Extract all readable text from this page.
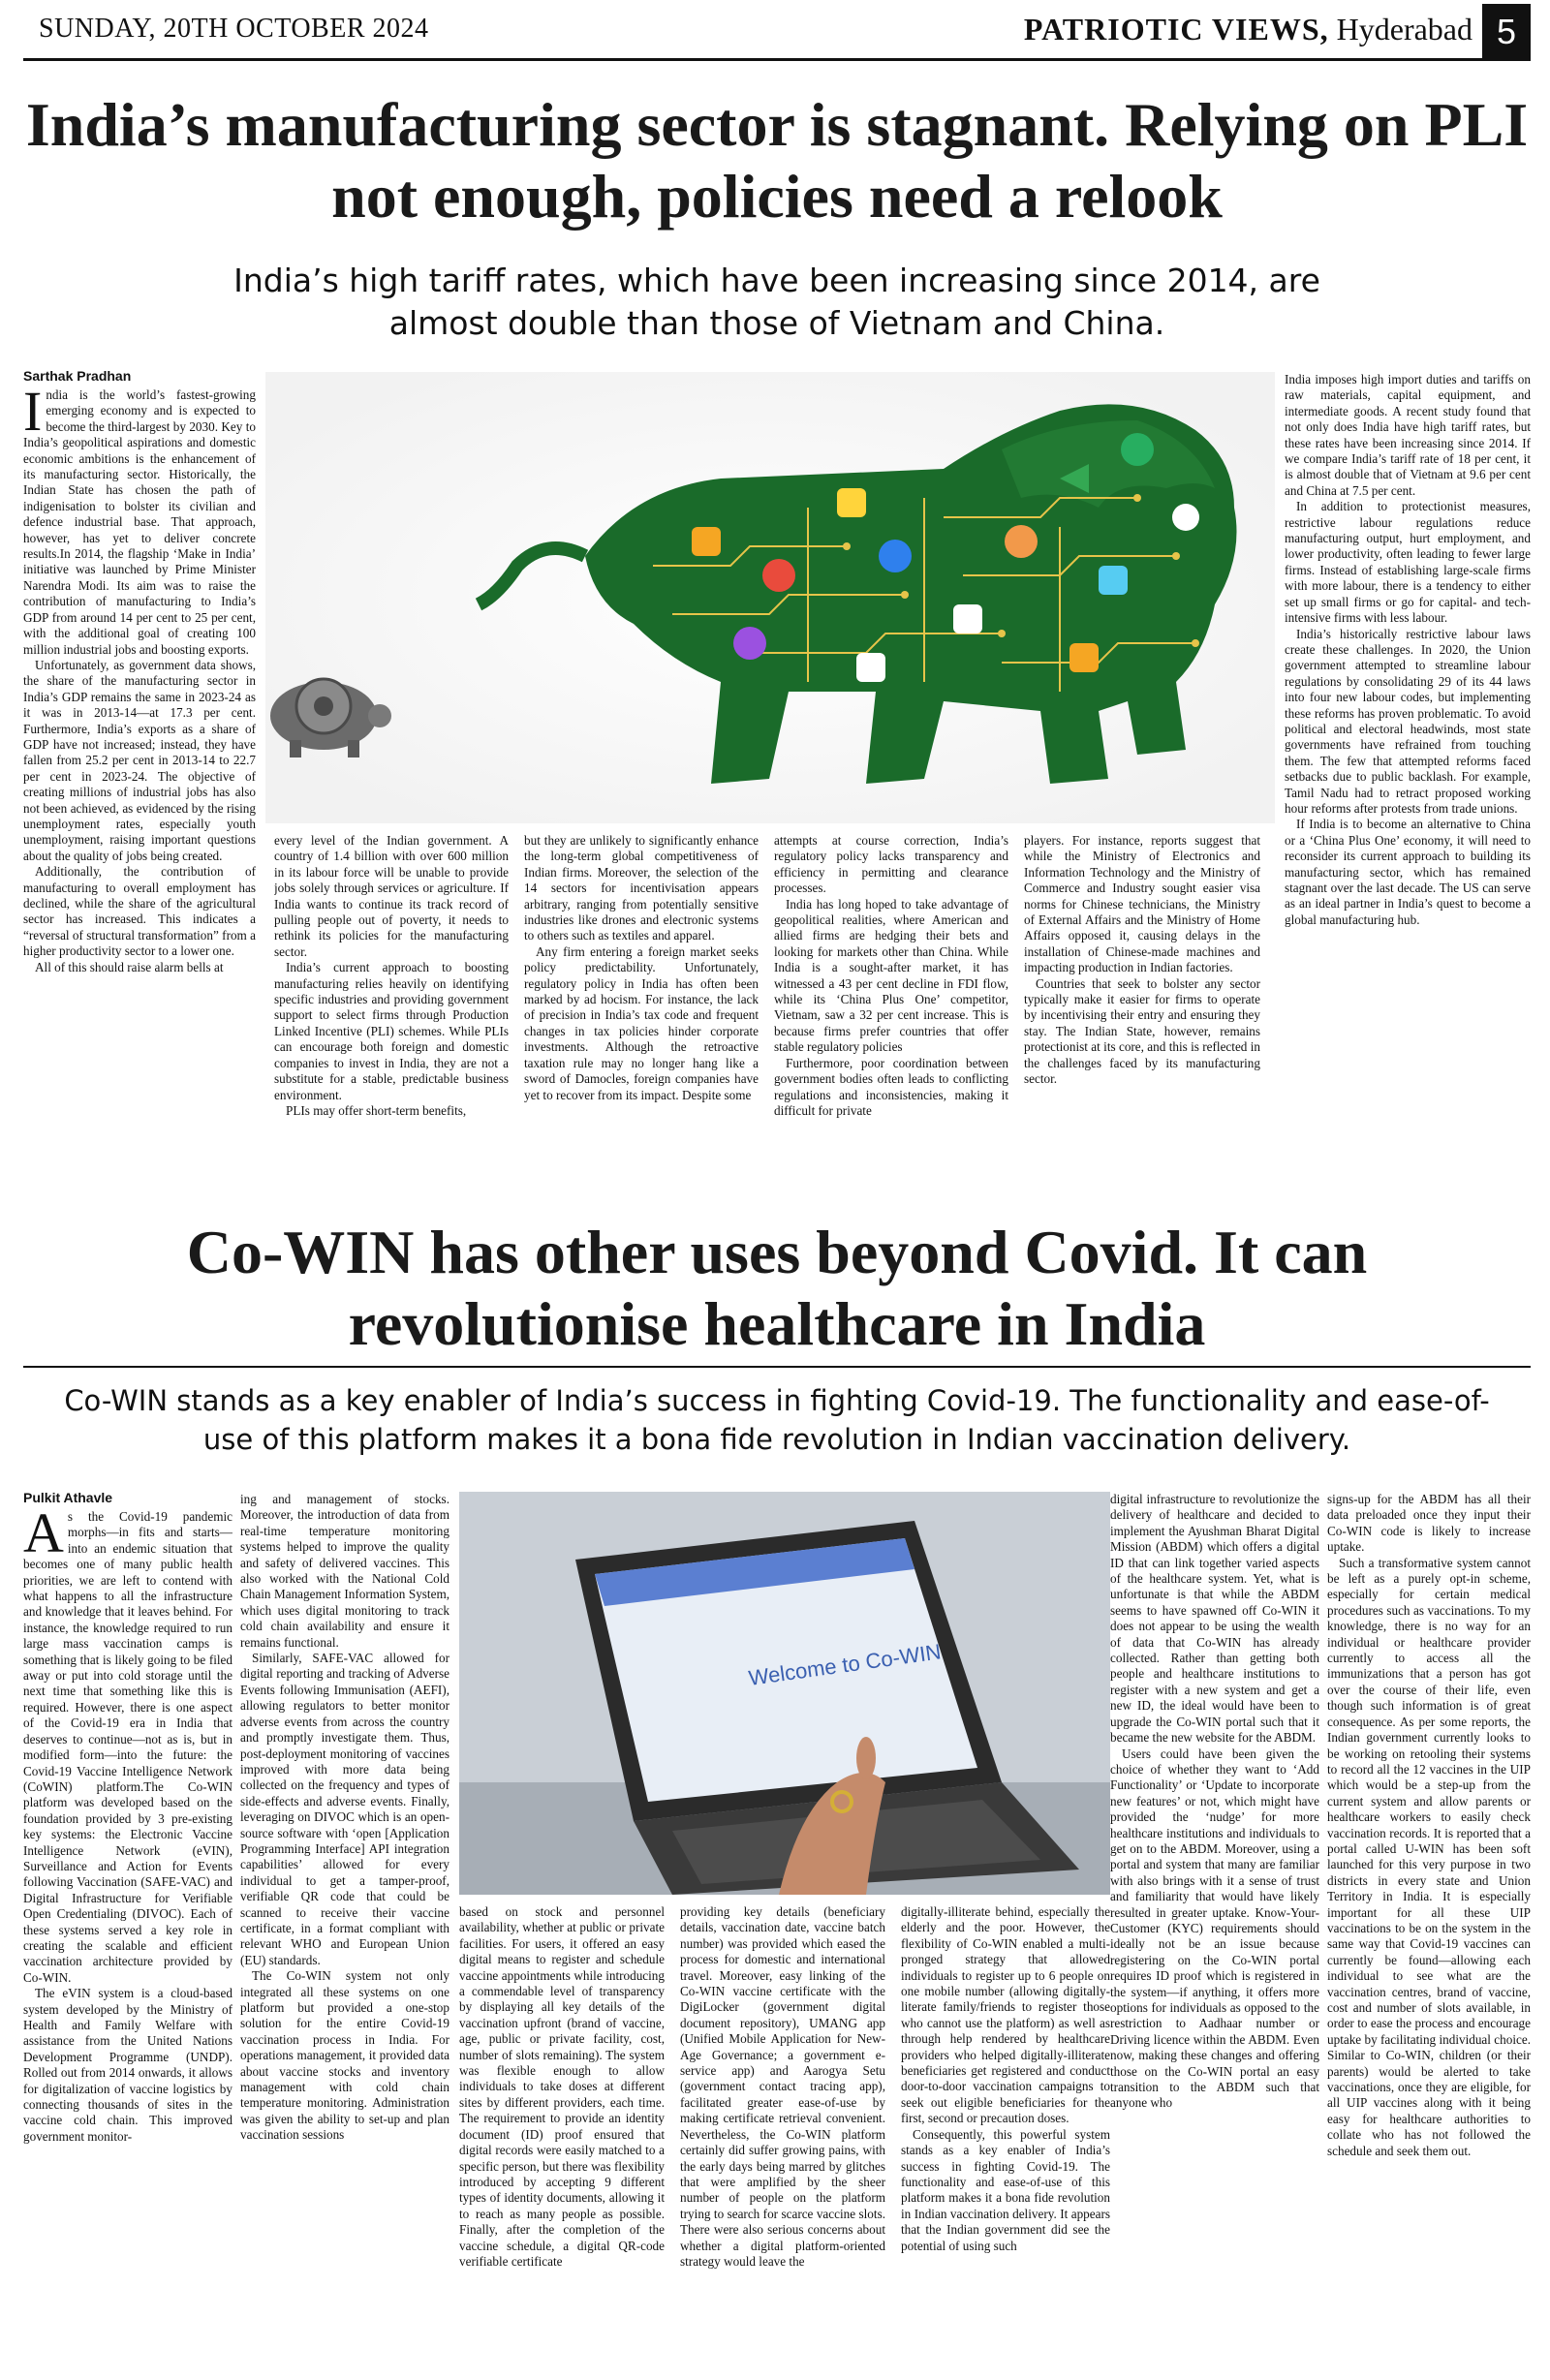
SUNDAY, 20TH OCTOBER 2024	PATRIOTIC VIEWS, Hyderabad 5
India’s manufacturing sector is stagnant. Relying on PLI not enough, policies need a relook
India’s high tariff rates, which have been increasing since 2014, are almost double than those of Vietnam and China.
Sarthak Pradhan

India is the world’s fastest-growing emerging economy and is expected to become the third-largest by 2030. Key to India’s geopolitical aspirations and domestic economic ambitions is the enhancement of its manufacturing sector. Historically, the Indian State has chosen the path of indigenisation to bolster its civilian and defence industrial base. That approach, however, has yet to deliver concrete results.In 2014, the flagship ‘Make in India’ initiative was launched by Prime Minister Narendra Modi. Its aim was to raise the contribution of manufacturing to India’s GDP from around 14 per cent to 25 per cent, with the additional goal of creating 100 million industrial jobs and boosting exports.

Unfortunately, as government data shows, the share of the manufacturing sector in India’s GDP remains the same in 2023-24 as it was in 2013-14—at 17.3 per cent. Furthermore, India’s exports as a share of GDP have not increased; instead, they have fallen from 25.2 per cent in 2013-14 to 22.7 per cent in 2023-24. The objective of creating millions of industrial jobs has also not been achieved, as evidenced by the rising unemployment rates, especially youth unemployment, raising important questions about the quality of jobs being created.

Additionally, the contribution of manufacturing to overall employment has declined, while the share of the agricultural sector has increased. This indicates a “reversal of structural transformation” from a higher productivity sector to a lower one.

All of this should raise alarm bells at

every level of the Indian government. A country of 1.4 billion with over 600 million in its labour force will be unable to provide jobs solely through services or agriculture. If India wants to continue its track record of pulling people out of poverty, it needs to rethink its policies for the manufacturing sector.

India’s current approach to boosting manufacturing relies heavily on identifying specific industries and providing government support to select firms through Production Linked Incentive (PLI) schemes. While PLIs can encourage both foreign and domestic companies to invest in India, they are not a substitute for a stable, predictable business environment.

PLIs may offer short-term benefits,

but they are unlikely to significantly enhance the long-term global competitiveness of Indian firms. Moreover, the selection of the 14 sectors for incentivisation appears arbitrary, ranging from potentially sensitive industries like drones and electronic systems to others such as textiles and apparel.

Any firm entering a foreign market seeks policy predictability. Unfortunately, regulatory policy in India has often been marked by ad hocism. For instance, the lack of precision in India’s tax code and frequent changes in tax policies hinder corporate investments. Although the retroactive taxation rule may no longer hang like a sword of Damocles, foreign companies have yet to recover from its impact. Despite some

attempts at course correction, India’s regulatory policy lacks transparency and efficiency in permitting and clearance processes.

India has long hoped to take advantage of geopolitical realities, where American and allied firms are hedging their bets and looking for markets other than China. While India is a sought-after market, it has witnessed a 43 per cent decline in FDI flow, while its ‘China Plus One’ competitor, Vietnam, saw a 32 per cent increase. This is because firms prefer countries that offer stable regulatory policies

Furthermore, poor coordination between government bodies often leads to conflicting regulations and inconsistencies, making it difficult for private

players. For instance, reports suggest that while the Ministry of Electronics and Information Technology and the Ministry of Commerce and Industry sought easier visa norms for Chinese technicians, the Ministry of External Affairs and the Ministry of Home Affairs opposed it, causing delays in the installation of Chinese-made machines and impacting production in Indian factories.

Countries that seek to bolster any sector typically make it easier for firms to operate by incentivising their entry and ensuring they stay. The Indian State, however, remains protectionist at its core, and this is reflected in the challenges faced by its manufacturing sector.

India imposes high import duties and tariffs on raw materials, capital equipment, and intermediate goods. A recent study found that not only does India have high tariff rates, but these rates have been increasing since 2014. If we compare India’s tariff rate of 18 per cent, it is almost double that of Vietnam at 9.6 per cent and China at 7.5 per cent.

In addition to protectionist measures, restrictive labour regulations reduce manufacturing output, hurt employment, and lower productivity, often leading to fewer large firms. Instead of establishing large-scale firms with more labour, there is a tendency to either set up small firms or go for capital- and tech-intensive firms with less labour.

India’s historically restrictive labour laws create these challenges. In 2020, the Union government attempted to streamline labour regulations by consolidating 29 of its 44 laws into four new labour codes, but implementing these reforms has proven problematic. To avoid political and electoral headwinds, most state governments have refrained from touching them. The few that attempted reforms faced setbacks due to public backlash. For example, Tamil Nadu had to retract proposed working hour reforms after protests from trade unions.

If India is to become an alternative to China or a ‘China Plus One’ economy, it will need to reconsider its current approach to building its manufacturing sector, which has remained stagnant over the last decade. The US can serve as an ideal partner in India’s quest to become a global manufacturing hub.

Co-WIN has other uses beyond Covid. It can revolutionise healthcare in India
Co-WIN stands as a key enabler of India’s success in fighting Covid-19. The functionality and ease-of-use of this platform makes it a bona fide revolution in Indian vaccination delivery.
Pulkit Athavle

As the Covid-19 pandemic morphs—in fits and starts—into an endemic situation that becomes one of many public health priorities, we are left to contend with what happens to all the infrastructure and knowledge that it leaves behind. For instance, the knowledge required to run large mass vaccination camps is something that is likely going to be filed away or put into cold storage until the next time that something like this is required. However, there is one aspect of the Covid-19 era in India that deserves to continue—not as is, but in modified form—into the future: the Covid-19 Vaccine Intelligence Network (CoWIN) platform.The Co-WIN platform was developed based on the foundation provided by 3 pre-existing key systems: the Electronic Vaccine Intelligence Network (eVIN), Surveillance and Action for Events following Vaccination (SAFE-VAC) and Digital Infrastructure for Verifiable Open Credentialing (DIVOC). Each of these systems served a key role in creating the scalable and efficient vaccination architecture provided by Co-WIN.

The eVIN system is a cloud-based system developed by the Ministry of Health and Family Welfare with assistance from the United Nations Development Programme (UNDP). Rolled out from 2014 onwards, it allows for digitalization of vaccine logistics by connecting thousands of sites in the vaccine cold chain. This improved government monitor-

ing and management of stocks. Moreover, the introduction of data from real-time temperature monitoring systems helped to improve the quality and safety of delivered vaccines. This also worked with the National Cold Chain Management Information System, which uses digital monitoring to track cold chain availability and ensure it remains functional.

Similarly, SAFE-VAC allowed for digital reporting and tracking of Adverse Events following Immunisation (AEFI), allowing regulators to better monitor adverse events from across the country and promptly investigate them. Thus, post-deployment monitoring of vaccines improved with more data being collected on the frequency and types of side-effects and adverse events. Finally, leveraging on DIVOC which is an open-source software with ‘open [Application Programming Interface] API integration capabilities’ allowed for every individual to get a tamper-proof, verifiable QR code that could be scanned to receive their vaccine certificate, in a format compliant with relevant WHO and European Union (EU) standards.

The Co-WIN system not only integrated all these systems on one platform but provided a one-stop solution for the entire Covid-19 vaccination process in India. For operations management, it provided data about vaccine stocks and inventory management with cold chain temperature monitoring. Administration was given the ability to set-up and plan vaccination sessions

Welcome to Co-WIN

based on stock and personnel availability, whether at public or private facilities. For users, it offered an easy digital means to register and schedule vaccine appointments while introducing a commendable level of transparency by displaying all key details of the vaccination upfront (brand of vaccine, age, public or private facility, cost, number of slots remaining). The system was flexible enough to allow individuals to take doses at different sites by different providers, each time. The requirement to provide an identity document (ID) proof ensured that digital records were easily matched to a specific person, but there was flexibility introduced by accepting 9 different types of identity documents, allowing it to reach as many people as possible. Finally, after the completion of the vaccine schedule, a digital QR-code verifiable certificate

providing key details (beneficiary details, vaccination date, vaccine batch number) was provided which eased the process for domestic and international travel. Moreover, easy linking of the Co-WIN vaccine certificate with the DigiLocker (government digital document repository), UMANG app (Unified Mobile Application for New-Age Governance; a government e-service app) and Aarogya Setu (government contact tracing app), facilitated greater ease-of-use by making certificate retrieval convenient. Nevertheless, the Co-WIN platform certainly did suffer growing pains, with the early days being marred by glitches that were amplified by the sheer number of people on the platform trying to search for scarce vaccine slots. There were also serious concerns about whether a digital platform-oriented strategy would leave the

digitally-illiterate behind, especially the elderly and the poor. However, the flexibility of Co-WIN enabled a multi-pronged strategy that allowed individuals to register up to 6 people on one mobile number (allowing digitally-literate family/friends to register those who cannot use the platform) as well as through help rendered by healthcare providers who helped digitally-illiterate beneficiaries get registered and conduct door-to-door vaccination campaigns to seek out eligible beneficiaries for the first, second or precaution doses.

Consequently, this powerful system stands as a key enabler of India’s success in fighting Covid-19. The functionality and ease-of-use of this platform makes it a bona fide revolution in Indian vaccination delivery. It appears that the Indian government did see the potential of using such

digital infrastructure to revolutionize the delivery of healthcare and decided to implement the Ayushman Bharat Digital Mission (ABDM) which offers a digital ID that can link together varied aspects of the healthcare system. Yet, what is unfortunate is that while the ABDM seems to have spawned off Co-WIN it does not appear to be using the wealth of data that Co-WIN has already collected. Rather than getting both people and healthcare institutions to register with a new system and get a new ID, the ideal would have been to upgrade the Co-WIN portal such that it became the new website for the ABDM.

Users could have been given the choice of whether they want to ‘Add Functionality’ or ‘Update to incorporate new features’ or not, which might have provided the ‘nudge’ for more healthcare institutions and individuals to get on to the ABDM. Moreover, using a portal and system that many are familiar with also brings with it a sense of trust and familiarity that would have likely resulted in greater uptake. Know-Your-Customer (KYC) requirements should ideally not be an issue because registering on the Co-WIN portal requires ID proof which is registered in the system—if anything, it offers more options for individuals as opposed to the restriction to Aadhaar number or Driving licence within the ABDM. Even now, making these changes and offering those on the Co-WIN portal an easy transition to the ABDM such that anyone who

signs-up for the ABDM has all their data preloaded once they input their Co-WIN code is likely to increase uptake.

Such a transformative system cannot be left as a purely opt-in scheme, especially for certain medical procedures such as vaccinations. To my knowledge, there is no way for an individual or healthcare provider currently to access all the immunizations that a person has got over the course of their life, even though such information is of great consequence. As per some reports, the Indian government currently looks to be working on retooling their systems to record all the 12 vaccines in the UIP which would be a step-up from the current system and allow parents or healthcare workers to easily check vaccination records. It is reported that a portal called U-WIN has been soft launched for this very purpose in two districts in every state and Union Territory in India. It is especially important for all these UIP vaccinations to be on the system in the same way that Covid-19 vaccines can currently be found—allowing each individual to see what are the vaccination centres, brand of vaccine, cost and number of slots available, in order to ease the process and encourage uptake by facilitating individual choice. Similar to Co-WIN, children (or their parents) would be alerted to take vaccinations, once they are eligible, for all UIP vaccines along with it being easy for healthcare authorities to collate who has not followed the schedule and seek them out.
